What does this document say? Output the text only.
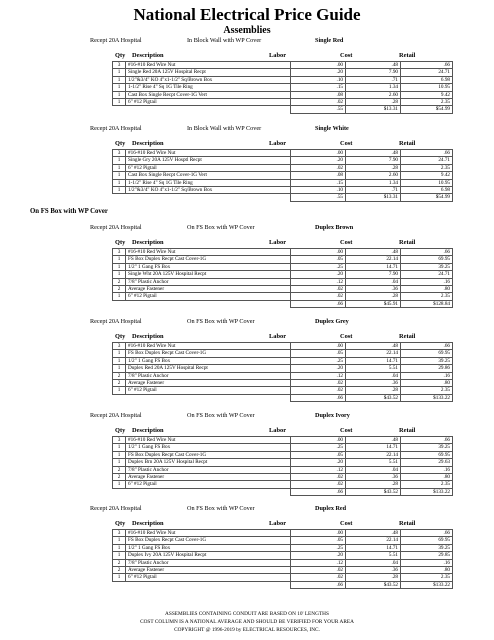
National Electrical Price Guide
Assemblies
On FS Box with WP Cover
Recept 20A Hospital	In Block Wall with WP Cover	Single Red
Qty Description	Labor	Cost	Retail
3	#16-#10 Red Wire Nut	.00	.48	.66
1	Single Red 20A 125V Hospital Recpt	.20	7.90	24.71
1	1/2"&3/4" KO 4"x1-1/2" Sq/Brown Box	.10	.71	6.98
1	1-1/2" Rise 4" Sq 1G Tile Ring	.15	1.34	10.95
1	Cast Box Single Recpt Cover-1G Vert	.08	2.60	9.42
1	6" #12 Pigtail	.02	.28	2.35
		.55	$13.31	$54.99
Recept 20A Hospital	In Block Wall with WP Cover	Single White
Qty Description	Labor	Cost	Retail
3	#16-#10 Red Wire Nut	.00	.48	.66
1	Single Gry 20A 125V Hosptl Recpt	.20	7.90	24.71
1	6" #12 Pigtail	.02	.28	2.35
1	Cast Box Single Recpt Cover-1G Vert	.08	2.60	9.42
1	1-1/2" Rise 4" Sq 1G Tile Ring	.15	1.34	10.95
1	1/2"&3/4" KO 4"x1-1/2" Sq/Brown Box	.10	.71	6.98
		.55	$13.31	$54.99
Recept 20A Hospital	On FS Box with WP Cover	Duplex Brown
Qty Description	Labor	Cost	Retail
3	#16-#10 Red Wire Nut	.00	.48	.66
1	FS Box Duplex Recpt Cast Cover-1G	.05	22.14	69.95
1	1/2" 1 Gang FS Box	.25	14.71	39.25
1	Single Wht 20A 125V Hospital Recpt	.20	7.90	24.71
2	7/8" Plastic Anchor	.12	.04	.16
2	Average Fastener	.02	.36	.80
1	6" #12 Pigtail	.02	.28	2.35
		.66	$45.91	$128.84
Recept 20A Hospital	On FS Box with WP Cover	Duplex Grey
Qty Description	Labor	Cost	Retail
3	#16-#10 Red Wire Nut	.00	.48	.66
1	FS Box Duplex Recpt Cast Cover-1G	.05	22.14	69.95
1	1/2" 1 Gang FS Box	.25	14.71	39.25
1	Duplex Red 20A 125V Hospital Recpt	.20	5.51	29.86
2	7/8" Plastic Anchor	.12	.04	.16
2	Average Fastener	.02	.36	.80
1	6" #12 Pigtail	.02	.28	2.35
		.66	$43.52	$133.22
Recept 20A Hospital	On FS Box with WP Cover	Duplex Ivory
Qty Description	Labor	Cost	Retail
3	#16-#10 Red Wire Nut	.00	.48	.66
1	1/2" 1 Gang FS Box	.25	14.71	39.25
1	FS Box Duplex Recpt Cast Cover-1G	.05	22.14	69.95
1	Duplex Brn 20A 125V Hospital Recpt	.20	5.51	29.63
2	7/8" Plastic Anchor	.12	.04	.16
2	Average Fastener	.02	.36	.80
1	6" #12 Pigtail	.02	.28	2.35
		.66	$43.52	$133.22
Recept 20A Hospital	On FS Box with WP Cover	Duplex Red
Qty Description	Labor	Cost	Retail
3	#16-#10 Red Wire Nut	.00	.48	.66
1	FS Box Duplex Recpt Cast Cover-1G	.05	22.14	69.95
1	1/2" 1 Gang FS Box	.25	14.71	39.25
1	Duplex Ivy 20A 125V Hospital Recpt	.20	5.51	29.85
2	7/8" Plastic Anchor	.12	.04	.16
2	Average Fastener	.02	.36	.80
1	6" #12 Pigtail	.02	.28	2.35
		.66	$43.52	$133.22
ASSEMBLIES CONTAINING CONDUIT ARE BASED ON 10' LENGTHS
COST COLUMN IS A NATIONAL AVERAGE AND SHOULD BE VERIFIED FOR YOUR AREA
COPYRIGHT @ 1996-2019 by ELECTRICAL RESOURCES, INC.
